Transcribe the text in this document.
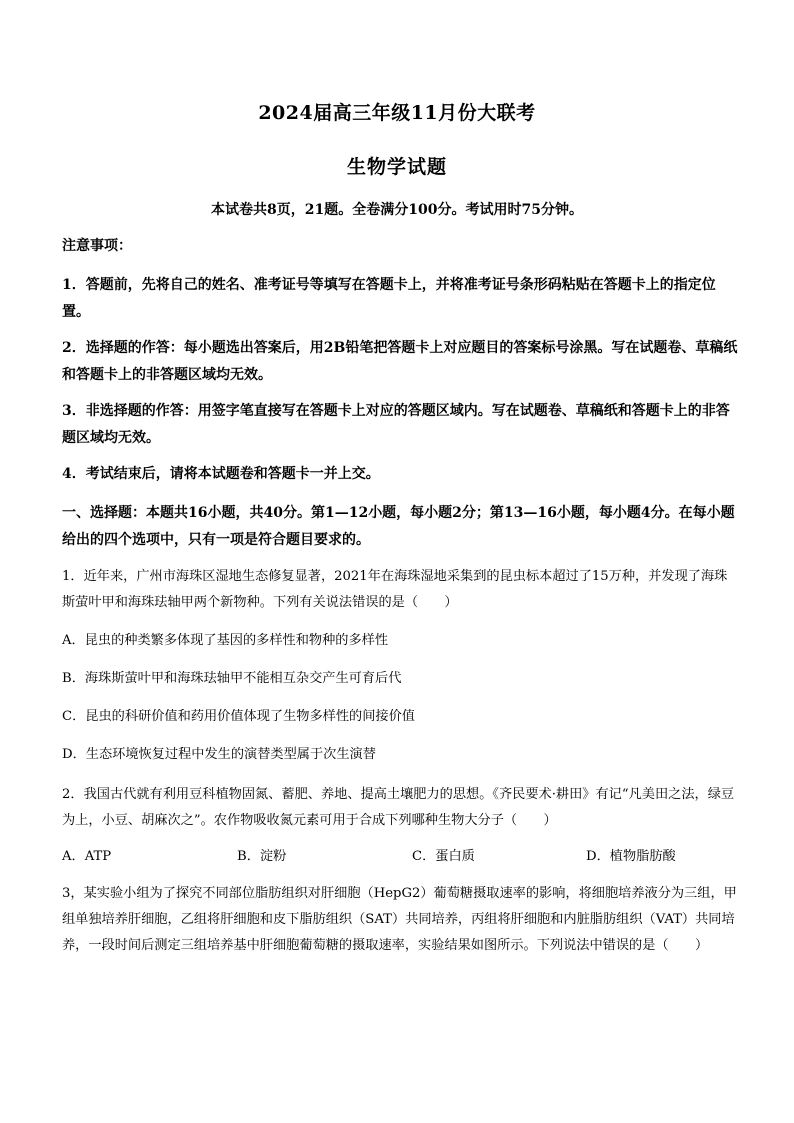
2024届高三年级11月份大联考
生物学试题
本试卷共8页，21题。全卷满分100分。考试用时75分钟。
注意事项：
1．答题前，先将自己的姓名、准考证号等填写在答题卡上，并将准考证号条形码粘贴在答题卡上的指定位置。
2．选择题的作答：每小题选出答案后，用2B铅笔把答题卡上对应题目的答案标号涂黑。写在试题卷、草稿纸和答题卡上的非答题区域均无效。
3．非选择题的作答：用签字笔直接写在答题卡上对应的答题区域内。写在试题卷、草稿纸和答题卡上的非答题区域均无效。
4．考试结束后，请将本试题卷和答题卡一并上交。
一、选择题：本题共16小题，共40分。第1—12小题，每小题2分；第13—16小题，每小题4分。在每小题给出的四个选项中，只有一项是符合题目要求的。
1．近年来，广州市海珠区湿地生态修复显著，2021年在海珠湿地采集到的昆虫标本超过了15万种，并发现了海珠斯萤叶甲和海珠珐轴甲两个新物种。下列有关说法错误的是（　　）
A．昆虫的种类繁多体现了基因的多样性和物种的多样性
B．海珠斯萤叶甲和海珠珐轴甲不能相互杂交产生可育后代
C．昆虫的科研价值和药用价值体现了生物多样性的间接价值
D．生态环境恢复过程中发生的演替类型属于次生演替
2．我国古代就有利用豆科植物固氮、蓄肥、养地、提高土壤肥力的思想。《齐民要术·耕田》有记“凡美田之法，绿豆为上，小豆、胡麻次之”。农作物吸收氮元素可用于合成下列哪种生物大分子（　　）
A．ATP	B．淀粉	C．蛋白质	D．植物脂肪酸
3，某实验小组为了探究不同部位脂肪组织对肝细胞（HepG2）葡萄糖摄取速率的影响，将细胞培养液分为三组，甲组单独培养肝细胞，乙组将肝细胞和皮下脂肪组织（SAT）共同培养，丙组将肝细胞和内脏脂肪组织（VAT）共同培养，一段时间后测定三组培养基中肝细胞葡萄糖的摄取速率，实验结果如图所示。下列说法中错误的是（　　）
